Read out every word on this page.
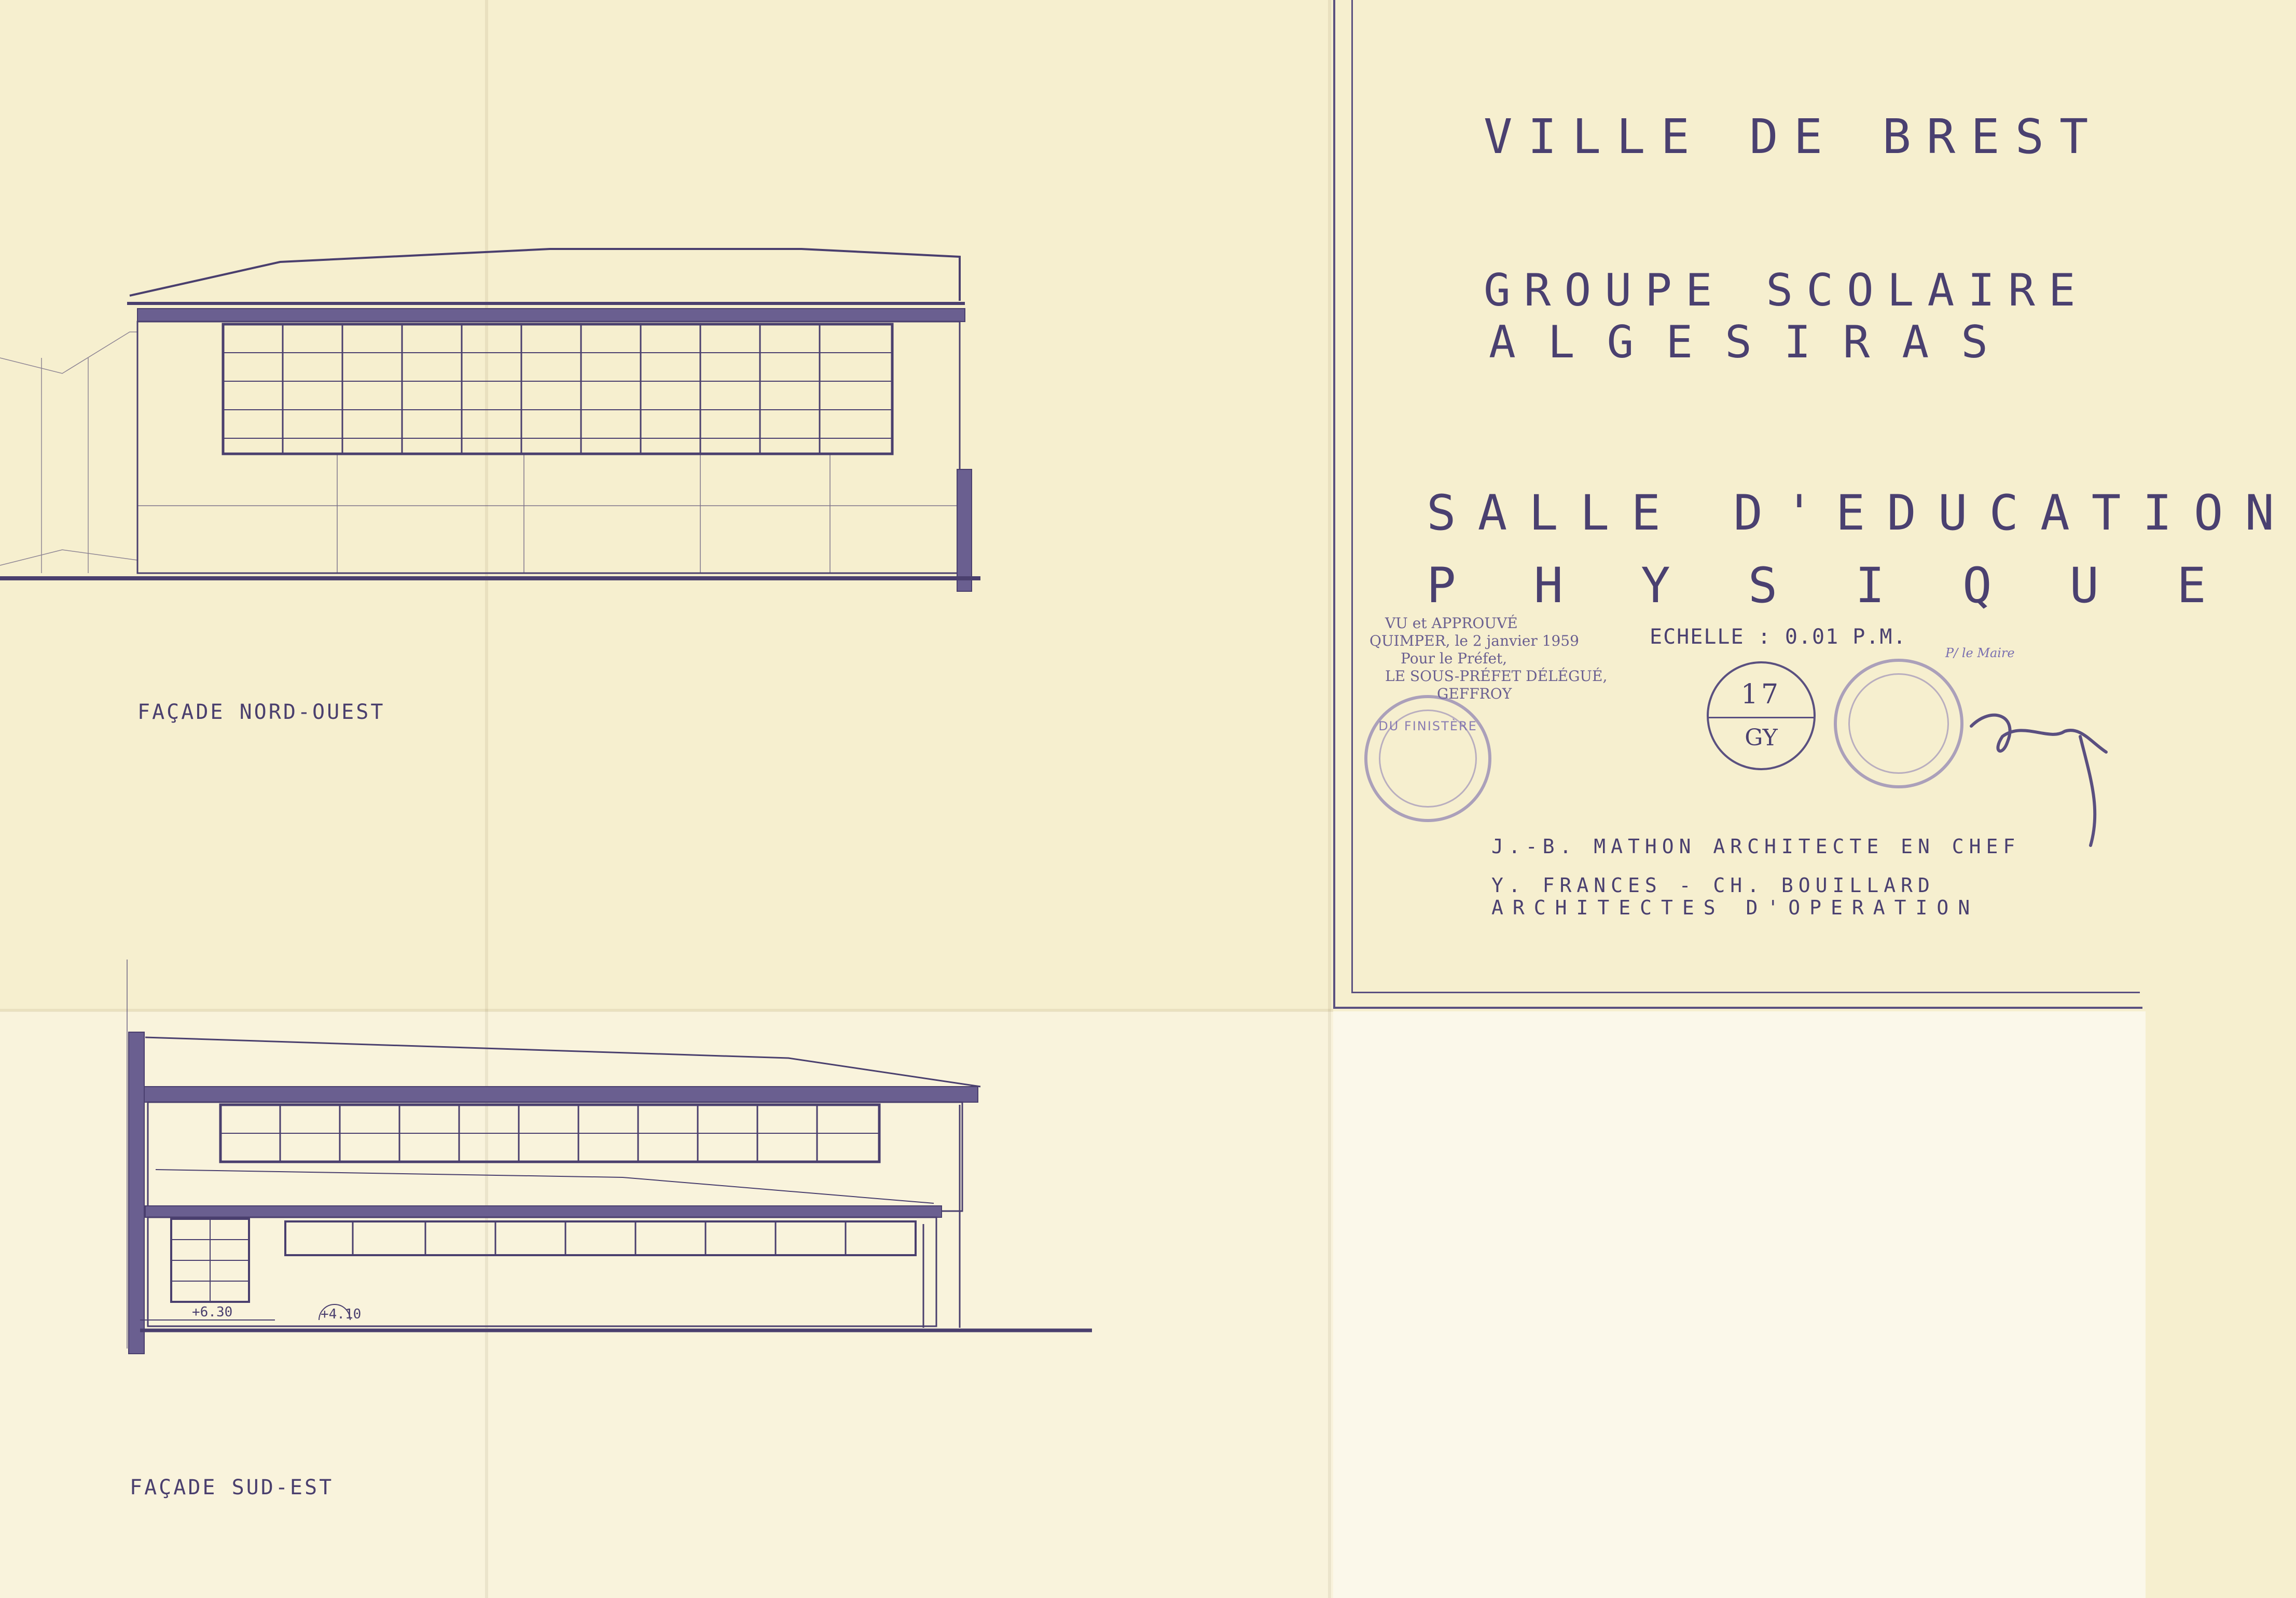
+6.30	+4.10
FAÇADE NORD-OUEST
FAÇADE SUD-EST
VILLE DE BREST
GROUPE SCOLAIRE
ALGESIRAS
SALLE D'EDUCATION
PHYSIQUE
VU et APPROUVÉ
QUIMPER, le 2 janvier 1959
Pour le Préfet,
LE SOUS-PRÉFET DÉLÉGUÉ,
GEFFROY
ECHELLE : 0.01 P.M.
P/ le Maire
17
GY
DU FINISTÈRE
J.-B. MATHON ARCHITECTE EN CHEF
Y. FRANCES - CH. BOUILLARD
ARCHITECTES D'OPERATION
